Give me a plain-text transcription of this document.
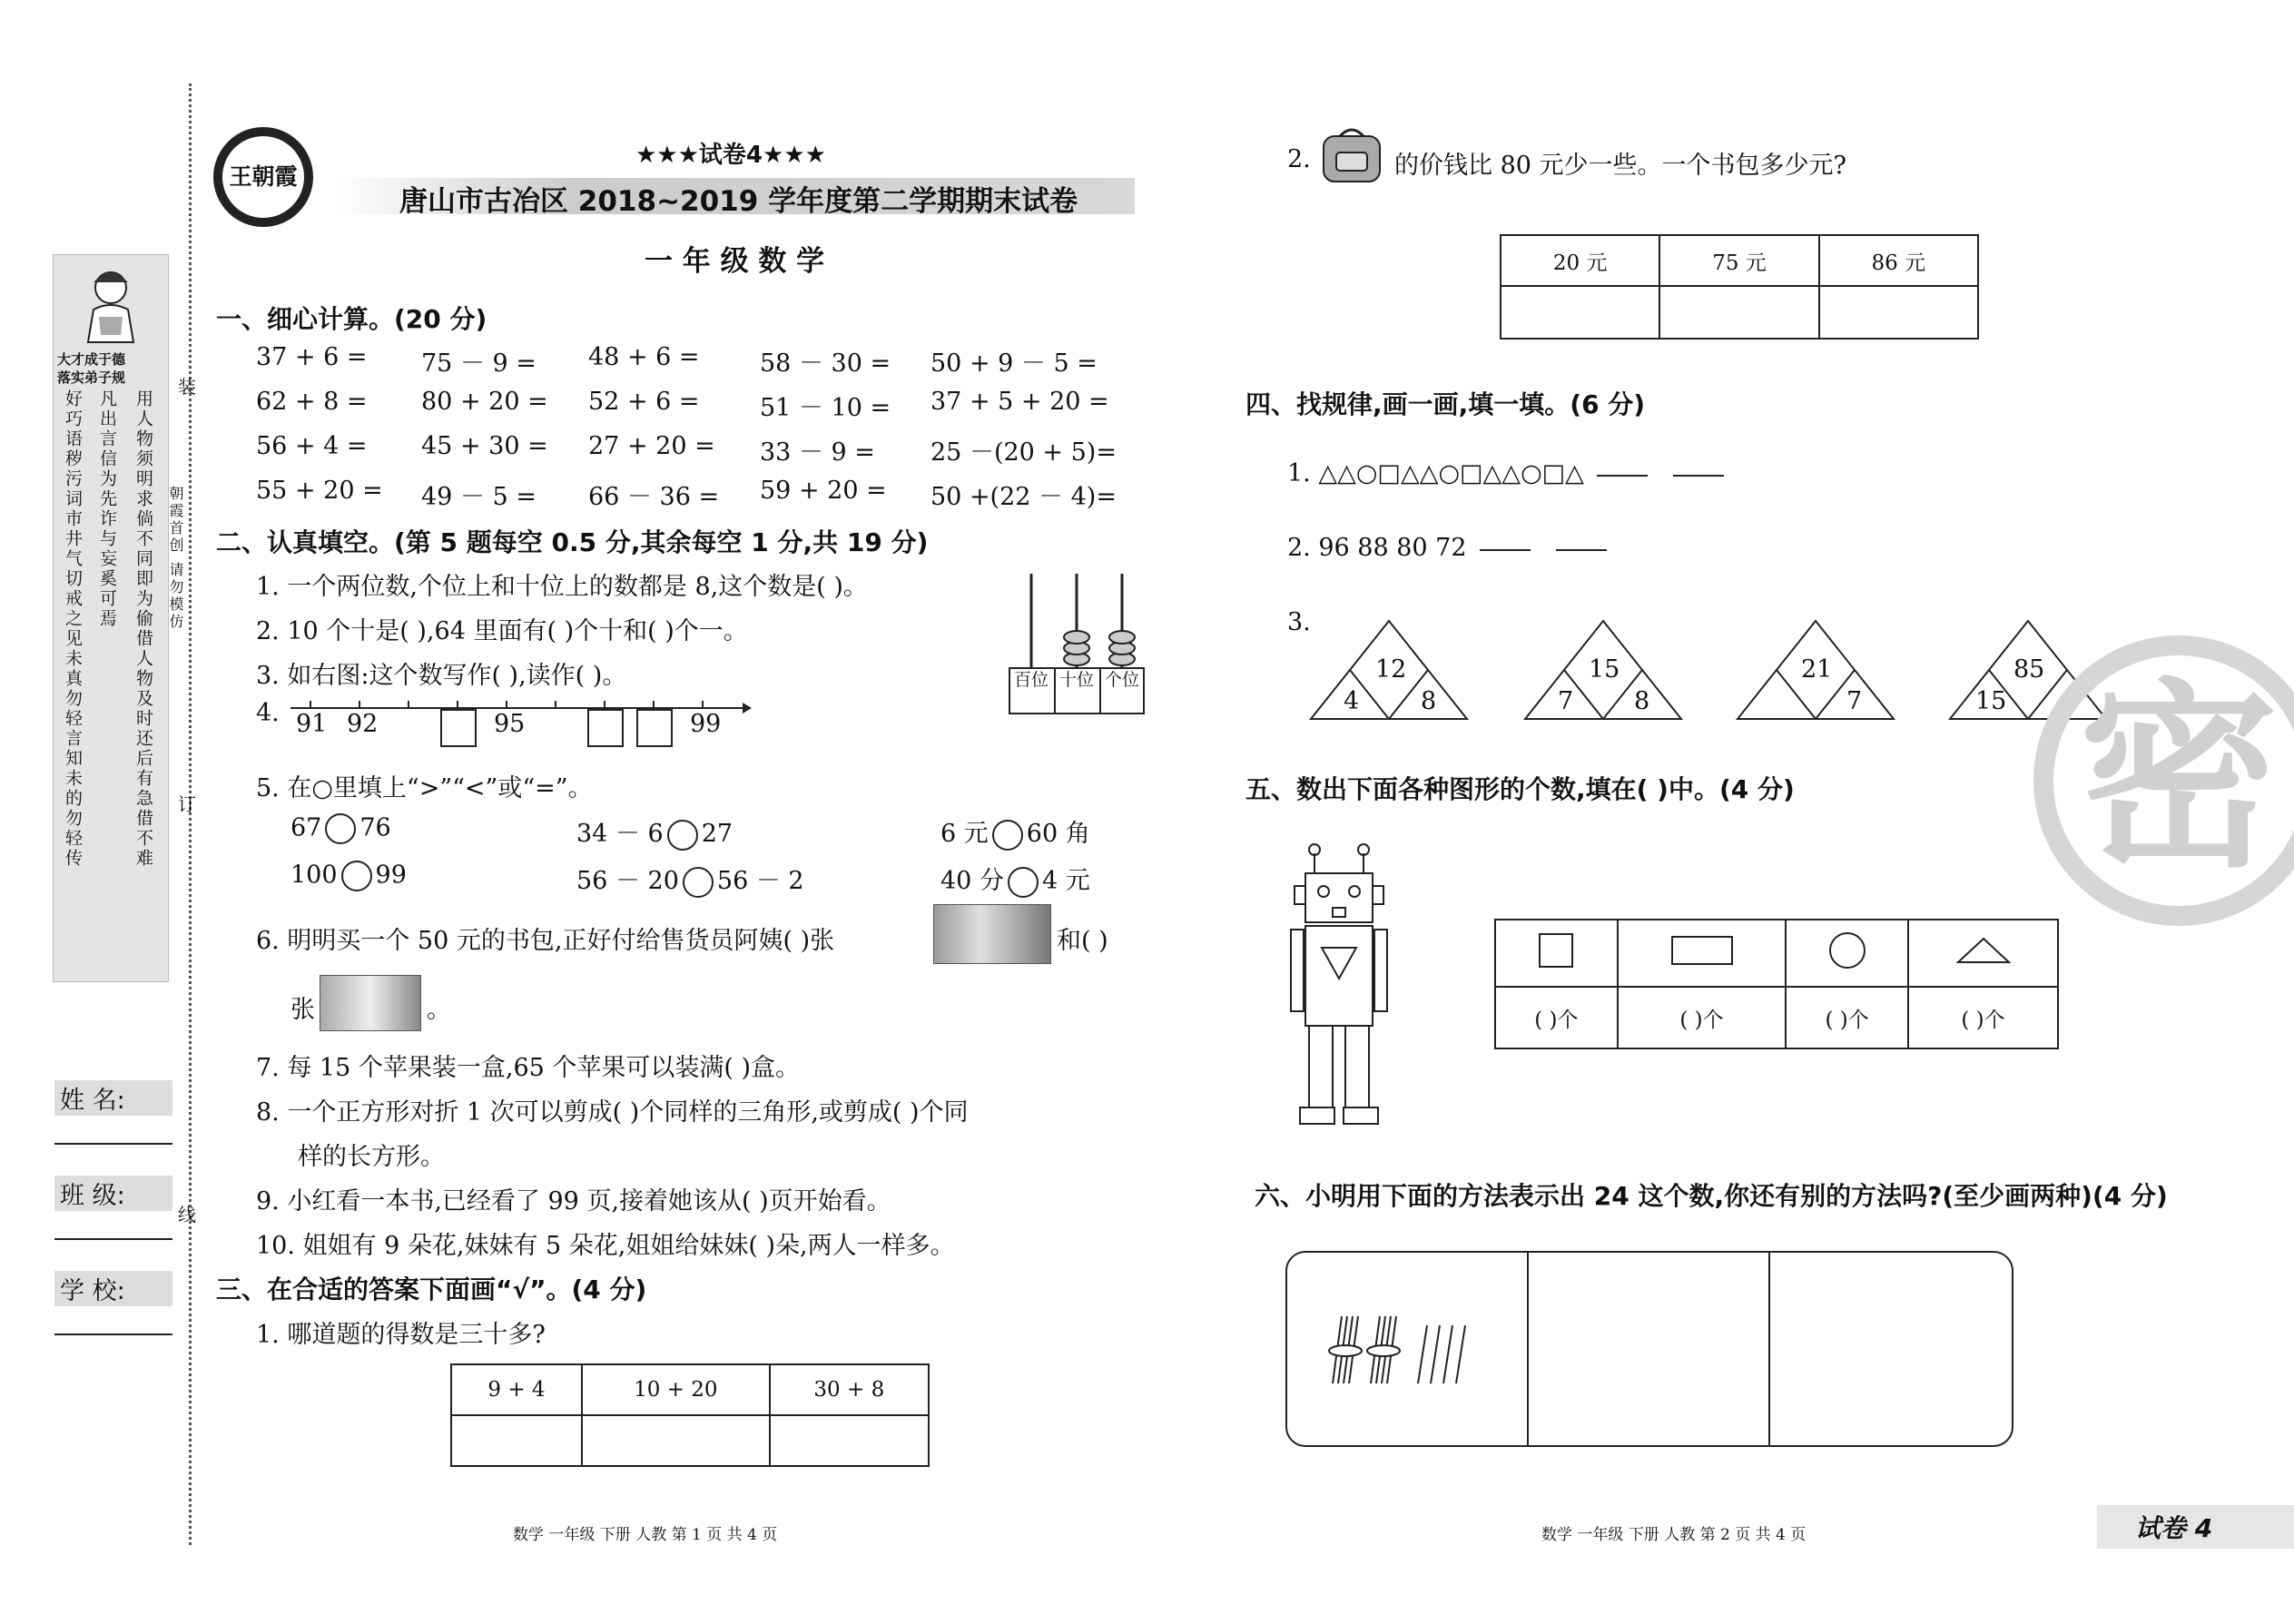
大才成于德
落实弟子规
好巧语秽污词市井气切戒之见未真勿轻言知未的勿轻传 凡出言信为先诈与妄奚可焉 用人物须明求倘不同即为偷借人物及时还后有急借不难 朝霞首创 请勿模仿
装
订
线
姓 名:
班 级:
学 校:
王朝霞
★★★试卷4★★★
唐山市古冶区 2018~2019 学年度第二学期期末试卷
一 年 级 数 学
一、细心计算。(20 分)
37 + 6 = 75 － 9 = 48 + 6 = 58 － 30 = 50 + 9 － 5 =
62 + 8 = 80 + 20 = 52 + 6 = 51 － 10 = 37 + 5 + 20 =
56 + 4 = 45 + 30 = 27 + 20 = 33 － 9 = 25 －(20 + 5)=
55 + 20 = 49 － 5 = 66 － 36 = 59 + 20 = 50 +(22 － 4)=
二、认真填空。(第 5 题每空 0.5 分,其余每空 1 分,共 19 分)
1. 一个两位数,个位上和十位上的数都是 8,这个数是( )。
2. 10 个十是( ),64 里面有( )个十和( )个一。
3. 如右图:这个数写作( ),读作( )。	百位 十位 个位
4. 91 92	95	99
5. 在○里填上“>”“<”或“=”。
67 76	34 － 6 27	6 元 60 角
100 99	56 － 20 56 － 2	40 分 4 元
6. 明明买一个 50 元的书包,正好付给售货员阿姨( )张	和( )
张	。
7. 每 15 个苹果装一盒,65 个苹果可以装满( )盒。
8. 一个正方形对折 1 次可以剪成( )个同样的三角形,或剪成( )个同
样的长方形。
9. 小红看一本书,已经看了 99 页,接着她该从( )页开始看。
10. 姐姐有 9 朵花,妹妹有 5 朵花,姐姐给妹妹( )朵,两人一样多。
三、在合适的答案下面画“√”。(4 分)
1. 哪道题的得数是三十多?
9 + 4	10 + 20	30 + 8

数学 一年级 下册 人教 第 1 页 共 4 页
2.	的价钱比 80 元少一些。一个书包多少元?
20 元	75 元	86 元

四、找规律,画一画,填一填。(6 分)
1. △△○□△△○□△△○□△
2. 96 88 80 72
3.
12
4	8
15
7 8
21
7
85
15 密
五、数出下面各种图形的个数,填在( )中。(4 分)

( )个	( )个	( )个	( )个
六、小明用下面的方法表示出 24 这个数,你还有别的方法吗?(至少画两种)(4 分)
数学 一年级 下册 人教 第 2 页 共 4 页	试卷 4
